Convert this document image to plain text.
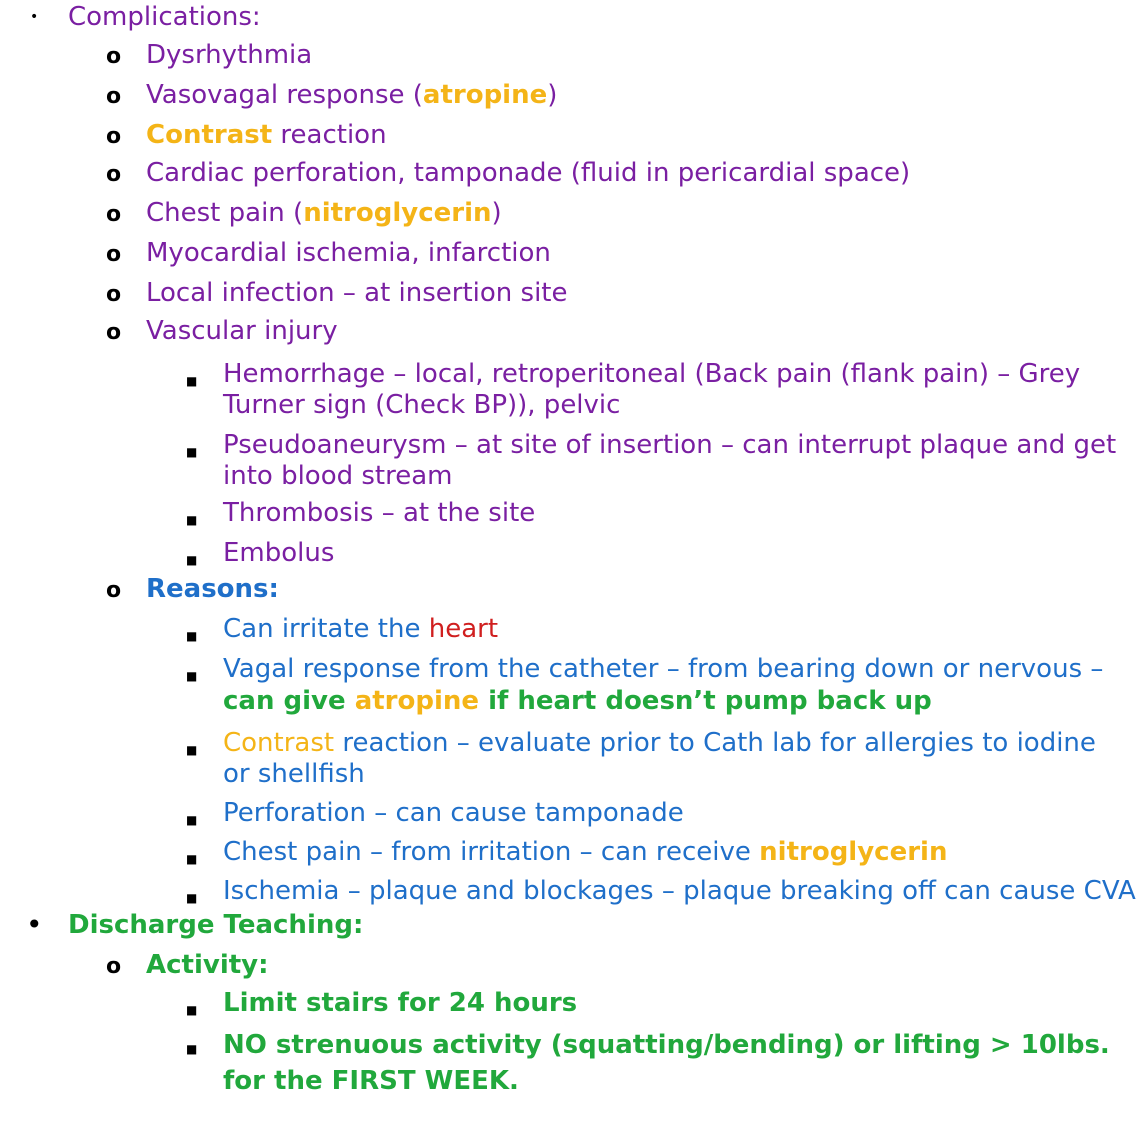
• Complications:
o Dysrhythmia
o Vasovagal response (atropine)
o Contrast reaction
o Cardiac perforation, tamponade (fluid in pericardial space)
o Chest pain (nitroglycerin)
o Myocardial ischemia, infarction
o Local infection – at insertion site
o Vascular injury
■ Hemorrhage – local, retroperitoneal (Back pain (flank pain) – Grey Turner sign (Check BP)), pelvic
■ Pseudoaneurysm – at site of insertion – can interrupt plaque and get into blood stream
■ Thrombosis – at the site
■ Embolus
o Reasons:
■ Can irritate the heart
■ Vagal response from the catheter – from bearing down or nervous –
can give atropine if heart doesn’t pump back up
■ Contrast reaction – evaluate prior to Cath lab for allergies to iodine or shellfish
■ Perforation – can cause tamponade
■ Chest pain – from irritation – can receive nitroglycerin
■ Ischemia – plaque and blockages – plaque breaking off can cause CVA
• Discharge Teaching:
o Activity:
■ Limit stairs for 24 hours
■ NO strenuous activity (squatting/bending) or lifting > 10lbs. for the FIRST WEEK.
